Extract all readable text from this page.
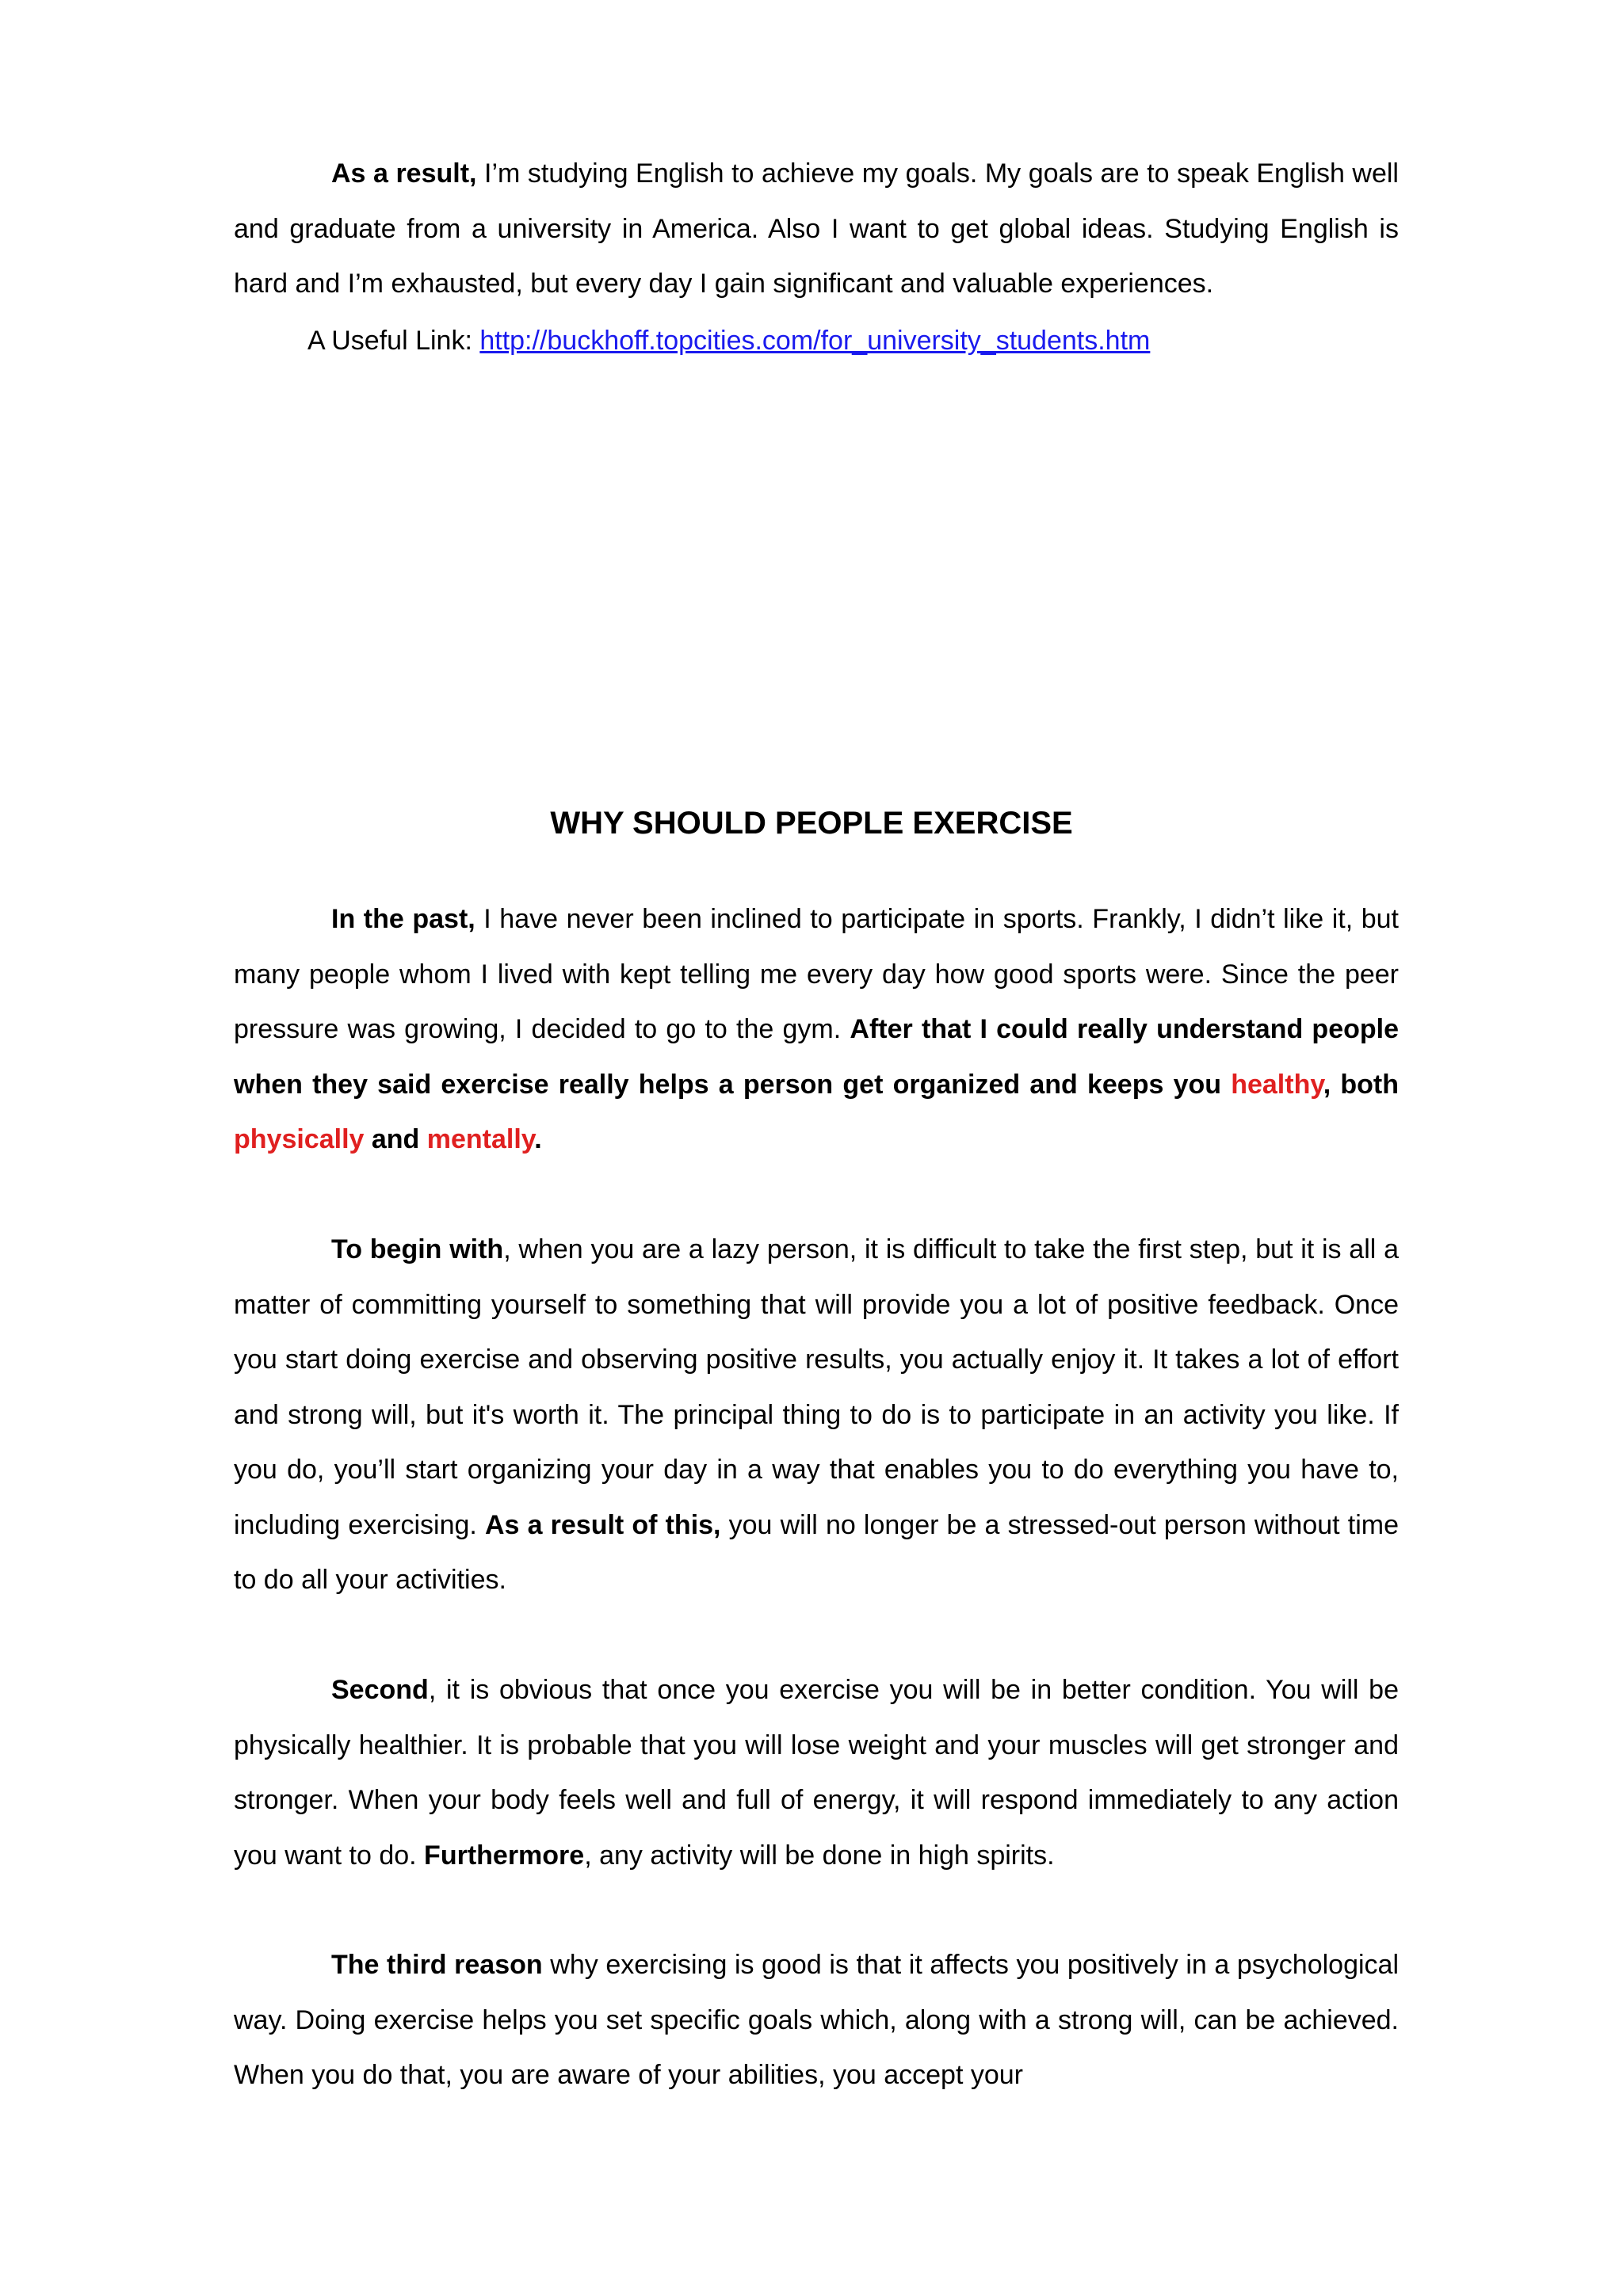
As a result, I’m studying English to achieve my goals. My goals are to speak English well and graduate from a university in America. Also I want to get global ideas. Studying English is hard and I’m exhausted, but every day I gain significant and valuable experiences.

A Useful Link: http://buckhoff.topcities.com/for_university_students.htm

WHY SHOULD PEOPLE EXERCISE

In the past, I have never been inclined to participate in sports. Frankly, I didn’t like it, but many people whom I lived with kept telling me every day how good sports were. Since the peer pressure was growing, I decided to go to the gym. After that I could really understand people when they said exercise really helps a person get organized and keeps you healthy, both physically and mentally.

To begin with, when you are a lazy person, it is difficult to take the first step, but it is all a matter of committing yourself to something that will provide you a lot of positive feedback. Once you start doing exercise and observing positive results, you actually enjoy it. It takes a lot of effort and strong will, but it's worth it. The principal thing to do is to participate in an activity you like. If you do, you’ll start organizing your day in a way that enables you to do everything you have to, including exercising. As a result of this, you will no longer be a stressed-out person without time to do all your activities.

Second, it is obvious that once you exercise you will be in better condition. You will be physically healthier. It is probable that you will lose weight and your muscles will get stronger and stronger. When your body feels well and full of energy, it will respond immediately to any action you want to do. Furthermore, any activity will be done in high spirits.

The third reason why exercising is good is that it affects you positively in a psychological way. Doing exercise helps you set specific goals which, along with a strong will, can be achieved. When you do that, you are aware of your abilities, you accept your
